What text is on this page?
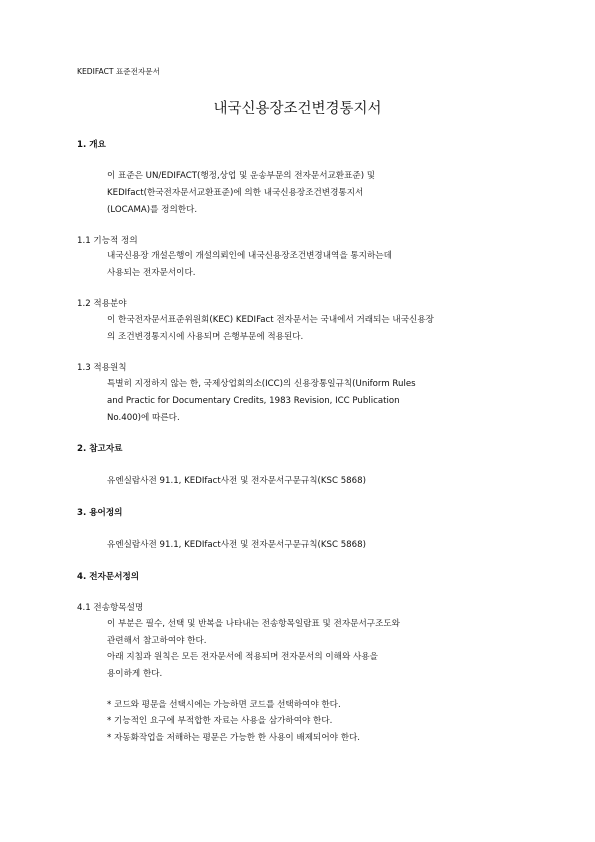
KEDIFACT 표준전자문서
내국신용장조건변경통지서
1. 개요
이 표준은 UN/EDIFACT(행정,상업 및 운송부문의 전자문서교환표준) 및
KEDIfact(한국전자문서교환표준)에 의한 내국신용장조건변경통지서
(LOCAMA)를 정의한다.
1.1 기능적 정의
내국신용장 개설은행이 개설의뢰인에 내국신용장조건변경내역을 통지하는데
사용되는 전자문서이다.
1.2 적용분야
이 한국전자문서표준위원회(KEC) KEDIFact 전자문서는 국내에서 거래되는 내국신용장
의 조건변경통지시에 사용되며 은행부문에 적용된다.
1.3 적용원칙
특별히 지정하지 않는 한, 국제상업회의소(ICC)의 신용장통일규칙(Uniform Rules
and Practic for Documentary Credits, 1983 Revision, ICC Publication
No.400)에 따른다.
2. 참고자료
유엔실람사전 91.1, KEDIfact사전 및 전자문서구문규칙(KSC 5868)
3. 용어정의
유엔실람사전 91.1, KEDIfact사전 및 전자문서구문규칙(KSC 5868)
4. 전자문서정의
4.1 전송항목설명
이 부분은 필수, 선택 및 반복을 나타내는 전송항목일람표 및 전자문서구조도와
관련해서 참고하여야 한다.
아래 지침과 원칙은 모든 전자문서에 적용되며 전자문서의 이해와 사용을
용이하게 한다.
* 코드와 평문을 선택시에는 가능하면 코드를 선택하여야 한다.
* 기능적인 요구에 부적합한 자료는 사용을 삼가하여야 한다.
* 자동화작업을 저해하는 평문은 가능한 한 사용이 배제되어야 한다.
